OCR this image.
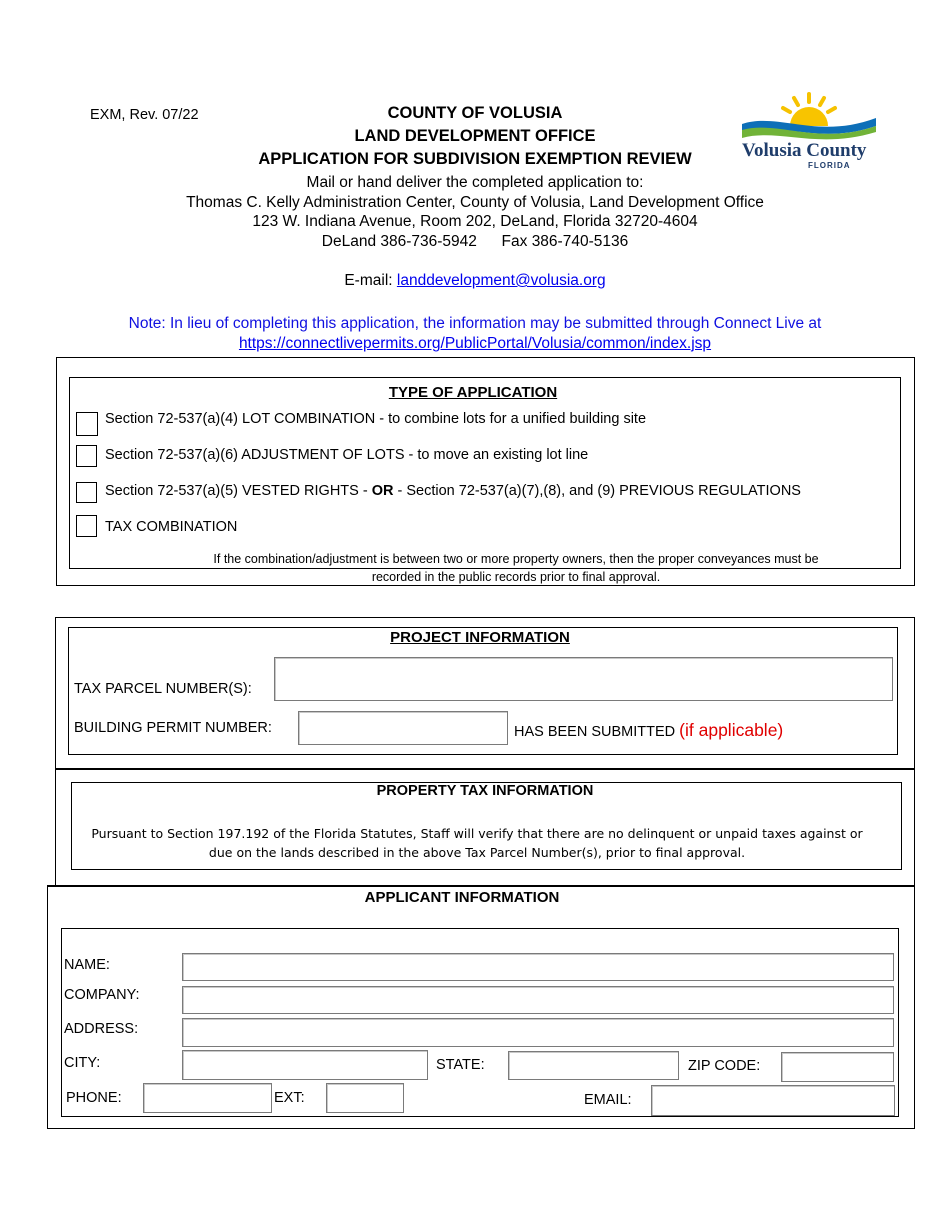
EXM, Rev. 07/22	COUNTY OF VOLUSIA
LAND DEVELOPMENT OFFICE
APPLICATION FOR SUBDIVISION EXEMPTION REVIEW	Volusia County
FLORIDA
Mail or hand deliver the completed application to:
Thomas C. Kelly Administration Center, County of Volusia, Land Development Office
123 W. Indiana Avenue, Room 202, DeLand, Florida 32720-4604
DeLand 386-736-5942 Fax 386-740-5136
E-mail: landdevelopment@volusia.org
Note: In lieu of completing this application, the information may be submitted through Connect Live at
https://connectlivepermits.org/PublicPortal/Volusia/common/index.jsp
TYPE OF APPLICATION
Section 72-537(a)(4) LOT COMBINATION - to combine lots for a unified building site
Section 72-537(a)(6) ADJUSTMENT OF LOTS - to move an existing lot line
Section 72-537(a)(5) VESTED RIGHTS - OR - Section 72-537(a)(7),(8), and (9) PREVIOUS REGULATIONS
TAX COMBINATION
If the combination/adjustment is between two or more property owners, then the proper conveyances must be
recorded in the public records prior to final approval.
PROJECT INFORMATION
TAX PARCEL NUMBER(S):
BUILDING PERMIT NUMBER:	HAS BEEN SUBMITTED (if applicable)
PROPERTY TAX INFORMATION
Pursuant to Section 197.192 of the Florida Statutes, Staff will verify that there are no delinquent or unpaid taxes against or
due on the lands described in the above Tax Parcel Number(s), prior to final approval.
APPLICANT INFORMATION
NAME:
COMPANY:
ADDRESS:
CITY:	STATE:	ZIP CODE:
PHONE:	EXT:	EMAIL:
